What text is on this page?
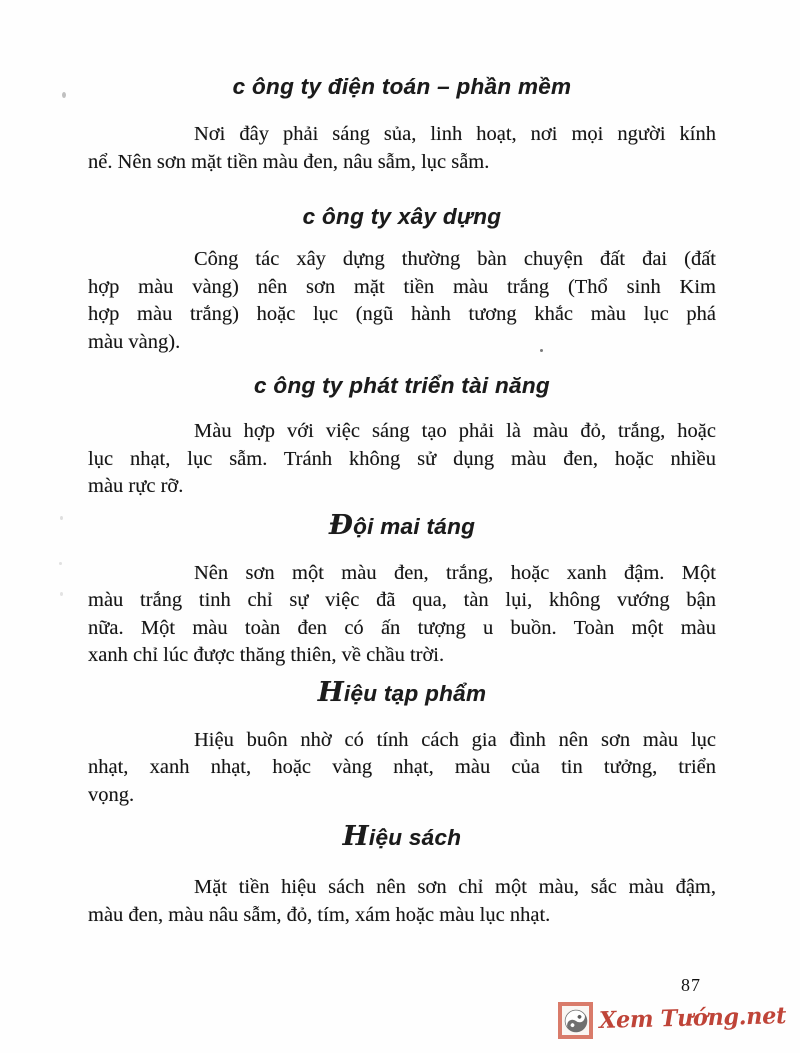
ϲ ông ty điện toán – phần mềm

Nơi đây phải sáng sủa, linh hoạt, nơi mọi người kính
nể. Nên sơn mặt tiền màu đen, nâu sẫm, lục sẫm.

ϲ ông ty xây dựng

Công tác xây dựng thường bàn chuyện đất đai (đất
hợp màu vàng) nên sơn mặt tiền màu trắng (Thổ sinh Kim
hợp màu trắng) hoặc lục (ngũ hành tương khắc màu lục phá
màu vàng).

ϲ ông ty phát triển tài năng

Màu hợp với việc sáng tạo phải là màu đỏ, trắng, hoặc
lục nhạt, lục sẫm. Tránh không sử dụng màu đen, hoặc nhiều
màu rực rỡ.

Đội mai táng

Nên sơn một màu đen, trắng, hoặc xanh đậm. Một
màu trắng tinh chỉ sự việc đã qua, tàn lụi, không vướng bận
nữa. Một màu toàn đen có ấn tượng u buồn. Toàn một màu
xanh chỉ lúc được thăng thiên, về chầu trời.

Hiệu tạp phẩm

Hiệu buôn nhờ có tính cách gia đình nên sơn màu lục
nhạt, xanh nhạt, hoặc vàng nhạt, màu của tin tưởng, triển
vọng.

Hiệu sách

Mặt tiền hiệu sách nên sơn chỉ một màu, sắc màu đậm,
màu đen, màu nâu sẫm, đỏ, tím, xám hoặc màu lục nhạt.

87
Xem Tướng.net
